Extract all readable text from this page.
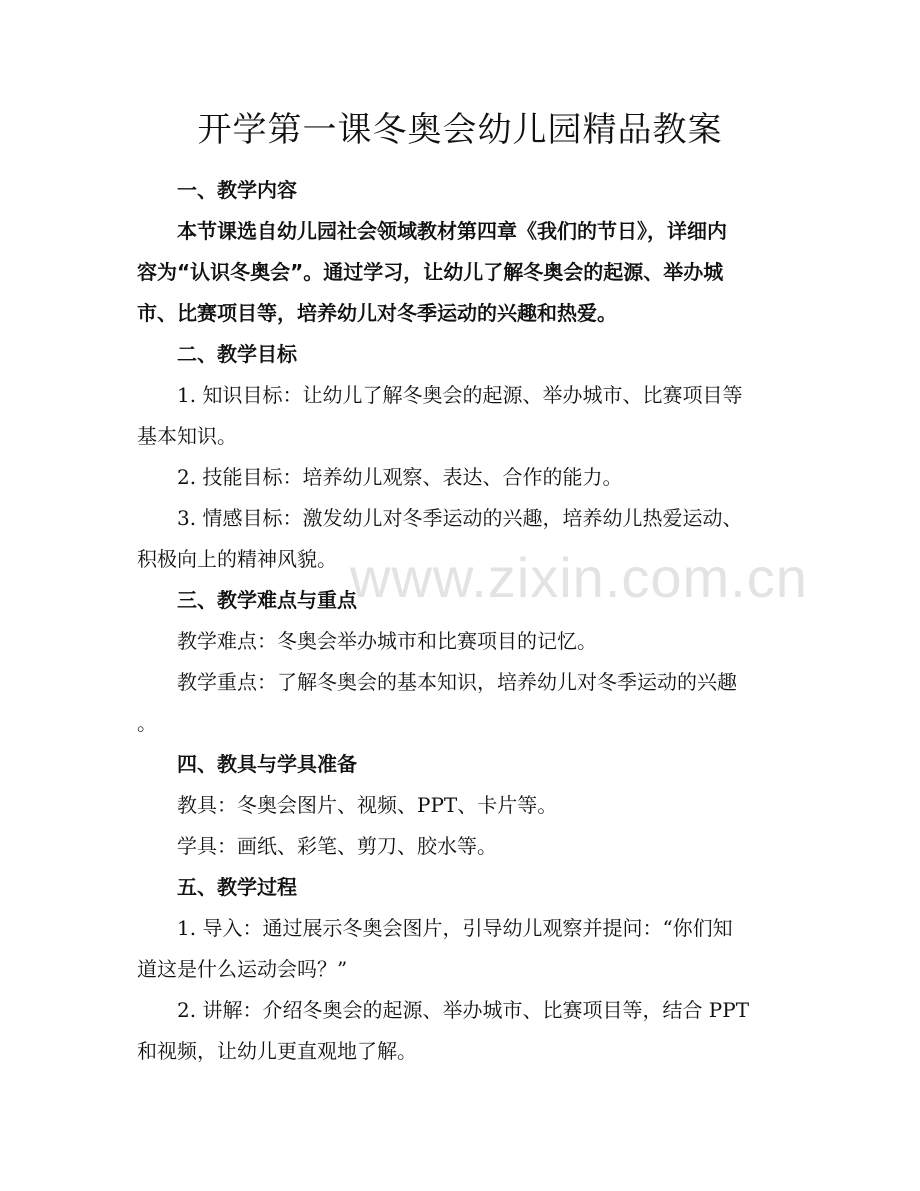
开学第一课冬奥会幼儿园精品教案
www.zixin.com.cn

一、教学内容

本节课选自幼儿园社会领域教材第四章《我们的节日》，详细内

容为“认识冬奥会”。通过学习，让幼儿了解冬奥会的起源、举办城

市、比赛项目等，培养幼儿对冬季运动的兴趣和热爱。

二、教学目标

1. 知识目标：让幼儿了解冬奥会的起源、举办城市、比赛项目等

基本知识。

2. 技能目标：培养幼儿观察、表达、合作的能力。

3. 情感目标：激发幼儿对冬季运动的兴趣，培养幼儿热爱运动、

积极向上的精神风貌。

三、教学难点与重点

教学难点：冬奥会举办城市和比赛项目的记忆。

教学重点：了解冬奥会的基本知识，培养幼儿对冬季运动的兴趣

。

四、教具与学具准备

教具：冬奥会图片、视频、PPT、卡片等。

学具：画纸、彩笔、剪刀、胶水等。

五、教学过程

1. 导入：通过展示冬奥会图片，引导幼儿观察并提问：“你们知

道这是什么运动会吗？”

2. 讲解：介绍冬奥会的起源、举办城市、比赛项目等，结合 PPT

和视频，让幼儿更直观地了解。
